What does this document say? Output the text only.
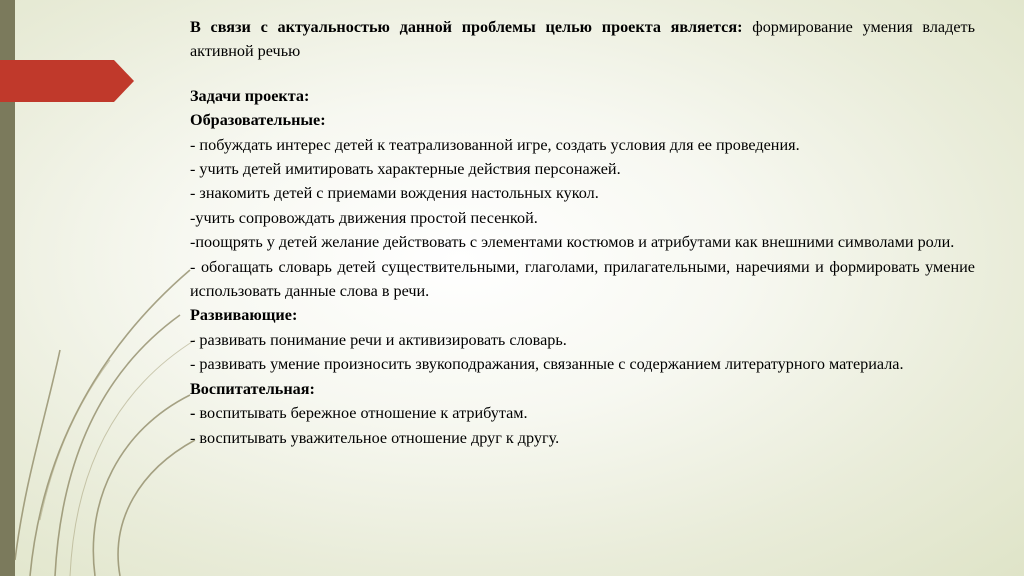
В связи с актуальностью данной проблемы целью проекта является: формирование умения владеть активной речью

Задачи проекта:

Образовательные:

- побуждать интерес детей к театрализованной игре, создать условия для ее проведения.

- учить детей имитировать характерные действия персонажей.

- знакомить детей с приемами вождения настольных кукол.

-учить сопровождать движения простой песенкой.

-поощрять у детей желание действовать с элементами костюмов и атрибутами как внешними символами роли.

- обогащать словарь детей существительными, глаголами, прилагательными, наречиями и формировать умение использовать данные слова в речи.

Развивающие:

- развивать понимание речи и активизировать словарь.

- развивать умение произносить звукоподражания, связанные с содержанием литературного материала.

Воспитательная:

- воспитывать бережное отношение к атрибутам.

- воспитывать уважительное отношение друг к другу.
